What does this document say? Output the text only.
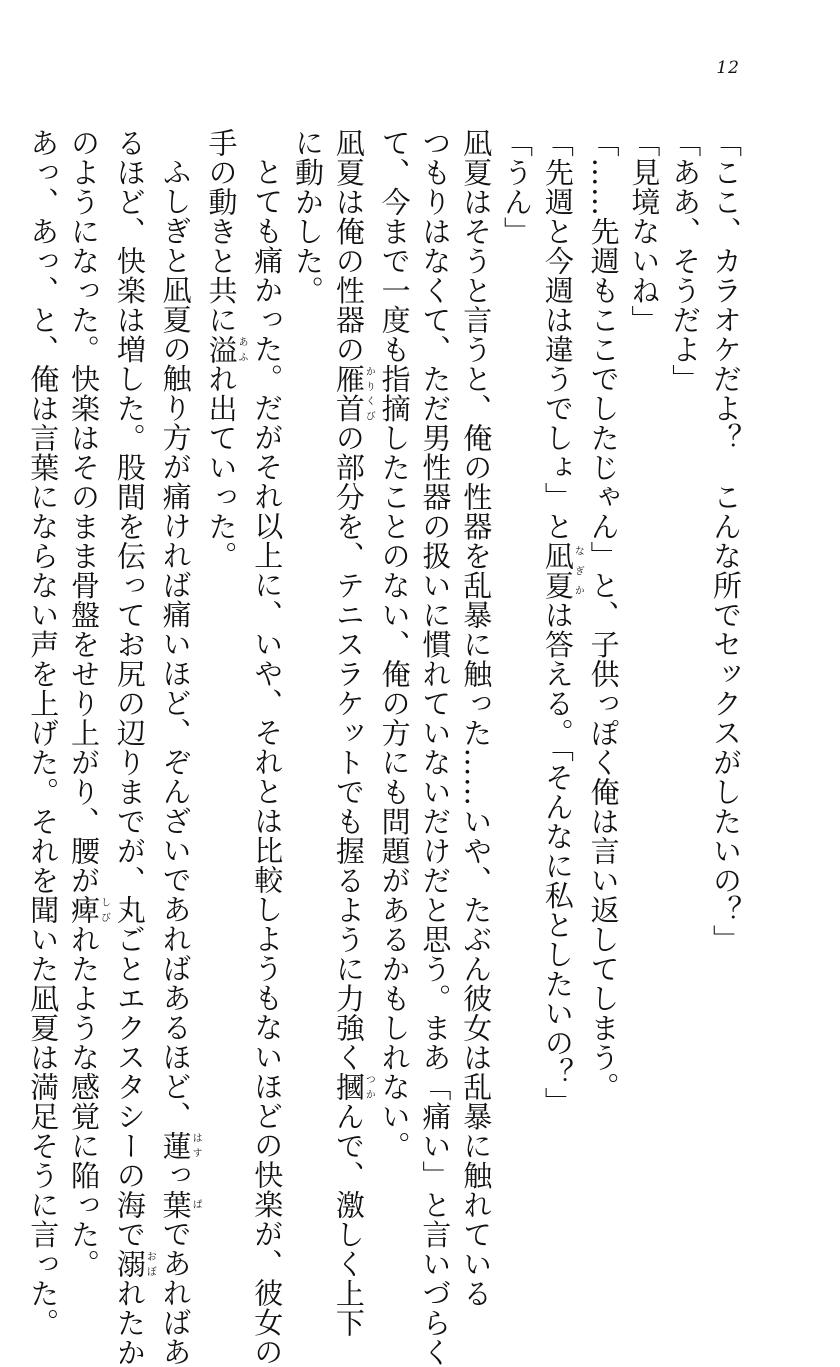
12

「ここ、カラオケだよ？　こんな所でセックスがしたいの？」

「ああ、そうだよ」

「見境ないね」

「……先週もここでしたじゃん」と、子供っぽく俺は言い返してしまう。

「先週と今週は違うでしょ」と凪夏なぎかは答える。「そんなに私としたいの？」

「うん」

凪夏はそうと言うと、俺の性器を乱暴に触った……いや、たぶん彼女は乱暴に触れている

つもりはなくて、ただ男性器の扱いに慣れていないだけだと思う。まあ「痛い」と言いづらく

て、今まで一度も指摘したことのない、俺の方にも問題があるかもしれない。

凪夏は俺の性器の雁首かりくびの部分を、テニスラケットでも握るように力強く摑つかんで、激しく上下

に動かした。

とても痛かった。だがそれ以上に、いや、それとは比較しようもないほどの快楽が、彼女の

手の動きと共に溢あふれ出ていった。

ふしぎと凪夏の触り方が痛ければ痛いほど、ぞんざいであればあるほど、蓮はすっ葉ぱであればあ

るほど、快楽は増した。股間を伝ってお尻の辺りまでが、丸ごとエクスタシーの海で溺おぼれたか

のようになった。快楽はそのまま骨盤をせり上がり、腰が痺しびれたような感覚に陥った。

あっ、あっ、と、俺は言葉にならない声を上げた。それを聞いた凪夏は満足そうに言った。
